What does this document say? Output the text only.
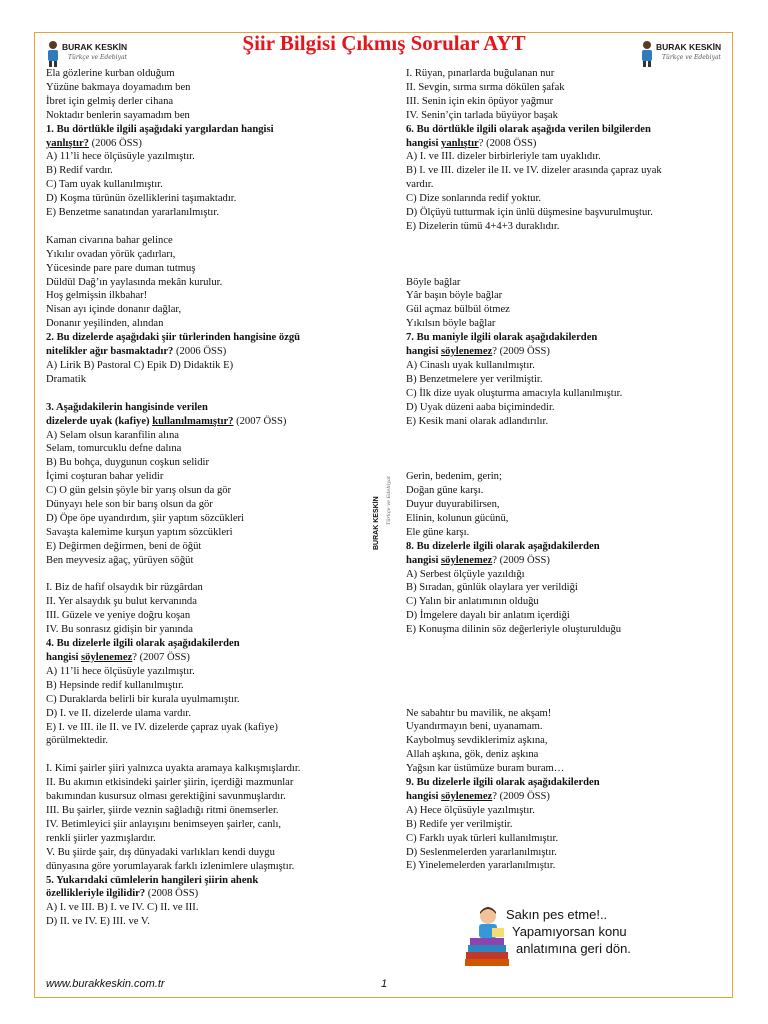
Şiir Bilgisi Çıkmış Sorular AYT
BURAK KESKİN
Türkçe ve Edebiyat
BURAK KESKİN
Türkçe ve Edebiyat
Ela gözlerine kurban olduğum
Yüzüne bakmaya doyamadım ben
İbret için gelmiş derler cihana
Noktadır benlerin sayamadım ben
1. Bu dörtlükle ilgili aşağıdaki yargılardan hangisi
yanlıştır? (2006 ÖSS)
A) 11’li hece ölçüsüyle yazılmıştır.
B) Redif vardır.
C) Tam uyak kullanılmıştır.
D) Koşma türünün özelliklerini taşımaktadır.
E) Benzetme sanatından yararlanılmıştır.
Kaman civarına bahar gelince
Yıkılır ovadan yörük çadırları,
Yücesinde pare pare duman tutmuş
Düldül Dağ’ın yaylasında mekân kurulur.
Hoş gelmişsin ilkbahar!
Nisan ayı içinde donanır dağlar,
Donanır yeşilinden, alından
2. Bu dizelerde aşağıdaki şiir türlerinden hangisine özgü
nitelikler ağır basmaktadır? (2006 ÖSS)
A) Lirik B) Pastoral C) Epik D) Didaktik E)
Dramatik
3. Aşağıdakilerin hangisinde verilen
dizelerde uyak (kafiye) kullanılmamıştır? (2007 ÖSS)
A) Selam olsun karanfilin alına
Selam, tomurcuklu defne dalına
B) Bu bohça, duygunun coşkun selidir
İçimi coşturan bahar yelidir
C) O gün gelsin şöyle bir yarış olsun da gör
Dünyayı hele son bir barış olsun da gör
D) Öpe öpe uyandırdım, şiir yaptım sözcükleri
Savaşta kalemime kurşun yaptım sözcükleri
E) Değirmen değirmen, beni de öğüt
Ben meyvesiz ağaç, yürüyen söğüt
I. Biz de hafif olsaydık bir rüzgârdan
II. Yer alsaydık şu bulut kervanında
III. Güzele ve yeniye doğru koşan
IV. Bu sonrasız gidişin bir yanında
4. Bu dizelerle ilgili olarak aşağıdakilerden
hangisi söylenemez? (2007 ÖSS)
A) 11’li hece ölçüsüyle yazılmıştır.
B) Hepsinde redif kullanılmıştır.
C) Duraklarda belirli bir kurala uyulmamıştır.
D) I. ve II. dizelerde ulama vardır.
E) I. ve III. ile II. ve IV. dizelerde çapraz uyak (kafiye)
görülmektedir.
I. Kimi şairler şiiri yalnızca uyakta aramaya kalkışmışlardır.
II. Bu akımın etkisindeki şairler şiirin, içerdiği mazmunlar
bakımından kusursuz olması gerektiğini savunmuşlardır.
III. Bu şairler, şiirde veznin sağladığı ritmi önemserler.
IV. Betimleyici şiir anlayışını benimseyen şairler, canlı,
renkli şiirler yazmışlardır.
V. Bu şiirde şair, dış dünyadaki varlıkları kendi duygu
dünyasına göre yorumlayarak farklı izlenimlere ulaşmıştır.
5. Yukarıdaki cümlelerin hangileri şiirin ahenk
özellikleriyle ilgilidir? (2008 ÖSS)
A) I. ve III. B) I. ve IV. C) II. ve III.
D) II. ve IV. E) III. ve V.
I. Rüyan, pınarlarda buğulanan nur
II. Sevgin, sırma sırma dökülen şafak
III. Senin için ekin öpüyor yağmur
IV. Senin’çin tarlada büyüyor başak
6. Bu dörtlükle ilgili olarak aşağıda verilen bilgilerden
hangisi yanlıştır? (2008 ÖSS)
A) I. ve III. dizeler birbirleriyle tam uyaklıdır.
B) I. ve III. dizeler ile II. ve IV. dizeler arasında çapraz uyak
vardır.
C) Dize sonlarında redif yoktur.
D) Ölçüyü tutturmak için ünlü düşmesine başvurulmuştur.
E) Dizelerin tümü 4+4+3 duraklıdır.
Böyle bağlar
Yâr başın böyle bağlar
Gül açmaz bülbül ötmez
Yıkılsın böyle bağlar
7. Bu maniyle ilgili olarak aşağıdakilerden
hangisi söylenemez? (2009 ÖSS)
A) Cinaslı uyak kullanılmıştır.
B) Benzetmelere yer verilmiştir.
C) İlk dize uyak oluşturma amacıyla kullanılmıştır.
D) Uyak düzeni aaba biçimindedir.
E) Kesik mani olarak adlandırılır.
Gerin, bedenim, gerin;
Doğan güne karşı.
Duyur duyurabilirsen,
Elinin, kolunun gücünü,
Ele güne karşı.
8. Bu dizelerle ilgili olarak aşağıdakilerden
hangisi söylenemez? (2009 ÖSS)
A) Serbest ölçüyle yazıldığı
B) Sıradan, günlük olaylara yer verildiği
C) Yalın bir anlatımının olduğu
D) İmgelere dayalı bir anlatım içerdiği
E) Konuşma dilinin söz değerleriyle oluşturulduğu
Ne sabahtır bu mavilik, ne akşam!
Uyandırmayın beni, uyanamam.
Kaybolmuş sevdiklerimiz aşkına,
Allah aşkına, gök, deniz aşkına
Yağsın kar üstümüze buram buram…
9. Bu dizelerle ilgili olarak aşağıdakilerden
hangisi söylenemez? (2009 ÖSS)
A) Hece ölçüsüyle yazılmıştır.
B) Redife yer verilmiştir.
C) Farklı uyak türleri kullanılmıştır.
D) Seslenmelerden yararlanılmıştır.
E) Yinelemelerden yararlanılmıştır.
BURAK KESKİN	Türkçe ve Edebiyat
Sakın pes etme!..
Yapamıyorsan konu
anlatımına geri dön.
www.burakkeskin.com.tr	1
